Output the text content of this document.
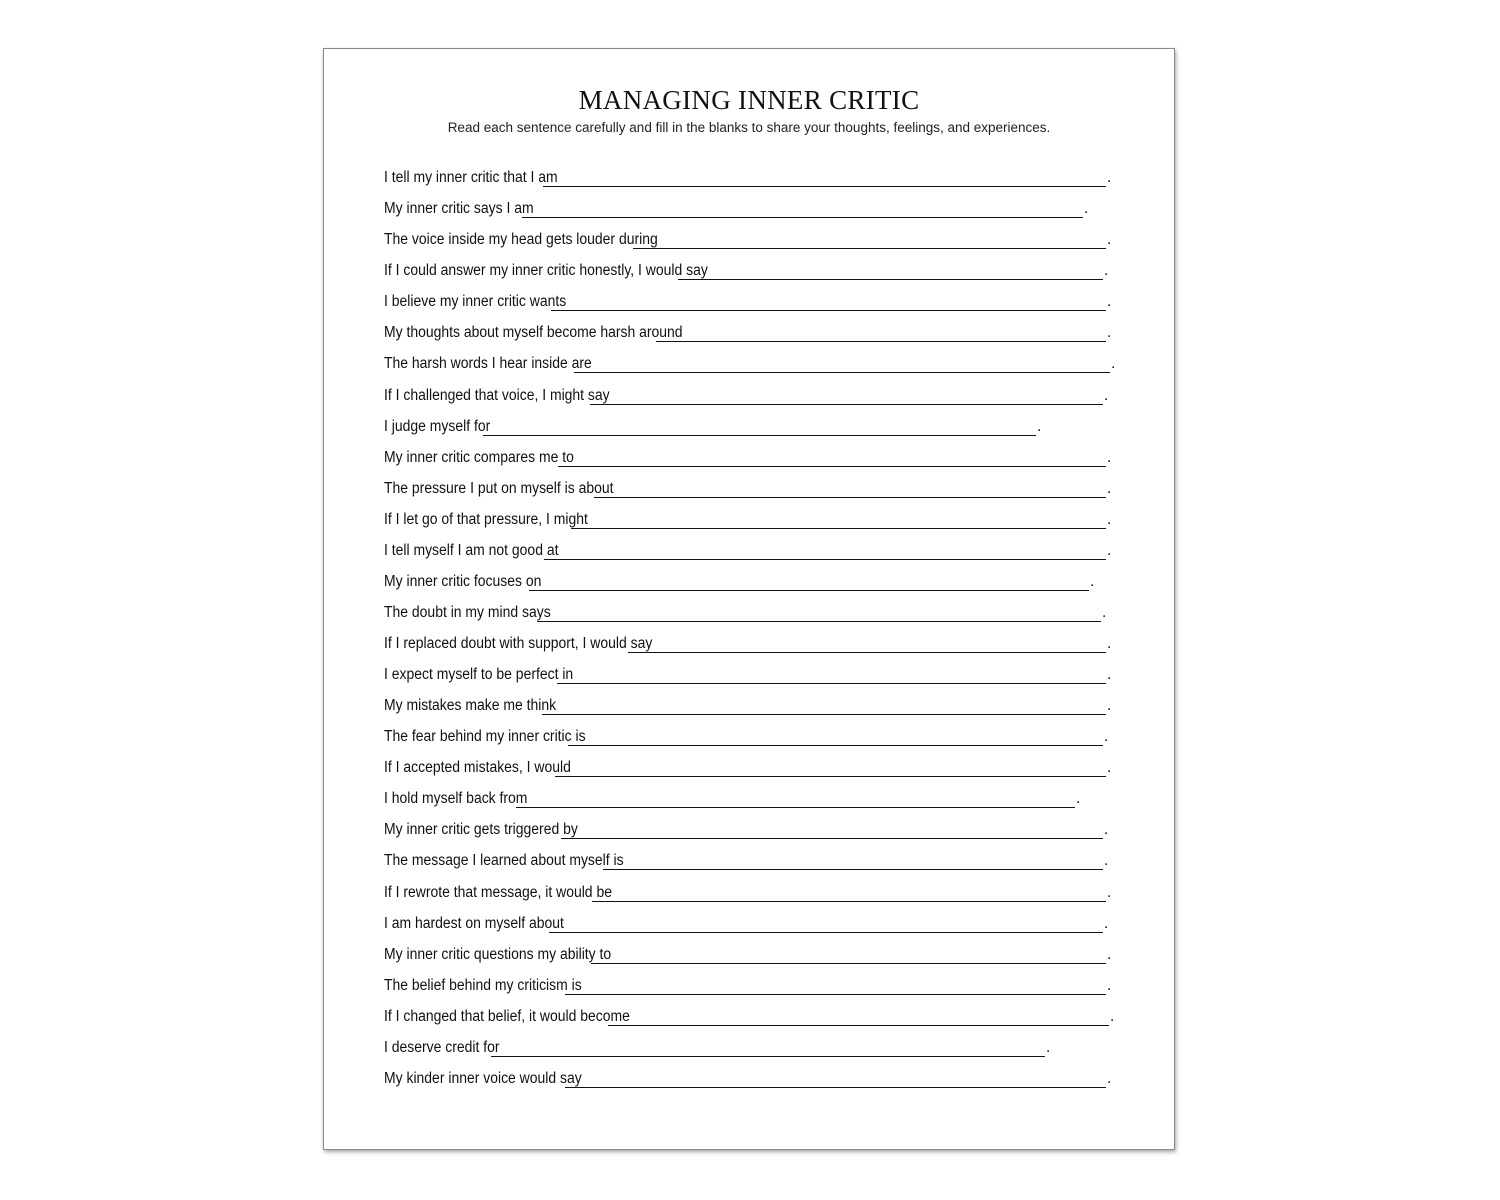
MANAGING INNER CRITIC
Read each sentence carefully and fill in the blanks to share your thoughts, feelings, and experiences.
I tell my inner critic that I am	.
My inner critic says I am	.
The voice inside my head gets louder during	.
If I could answer my inner critic honestly, I would say	.
I believe my inner critic wants	.
My thoughts about myself become harsh around	.
The harsh words I hear inside are	.
If I challenged that voice, I might say	.
I judge myself for	.
My inner critic compares me to	.
The pressure I put on myself is about	.
If I let go of that pressure, I might	.
I tell myself I am not good at	.
My inner critic focuses on	.
The doubt in my mind says	.
If I replaced doubt with support, I would say	.
I expect myself to be perfect in	.
My mistakes make me think	.
The fear behind my inner critic is	.
If I accepted mistakes, I would	.
I hold myself back from	.
My inner critic gets triggered by	.
The message I learned about myself is	.
If I rewrote that message, it would be	.
I am hardest on myself about	.
My inner critic questions my ability to	.
The belief behind my criticism is	.
If I changed that belief, it would become	.
I deserve credit for	.
My kinder inner voice would say	.
